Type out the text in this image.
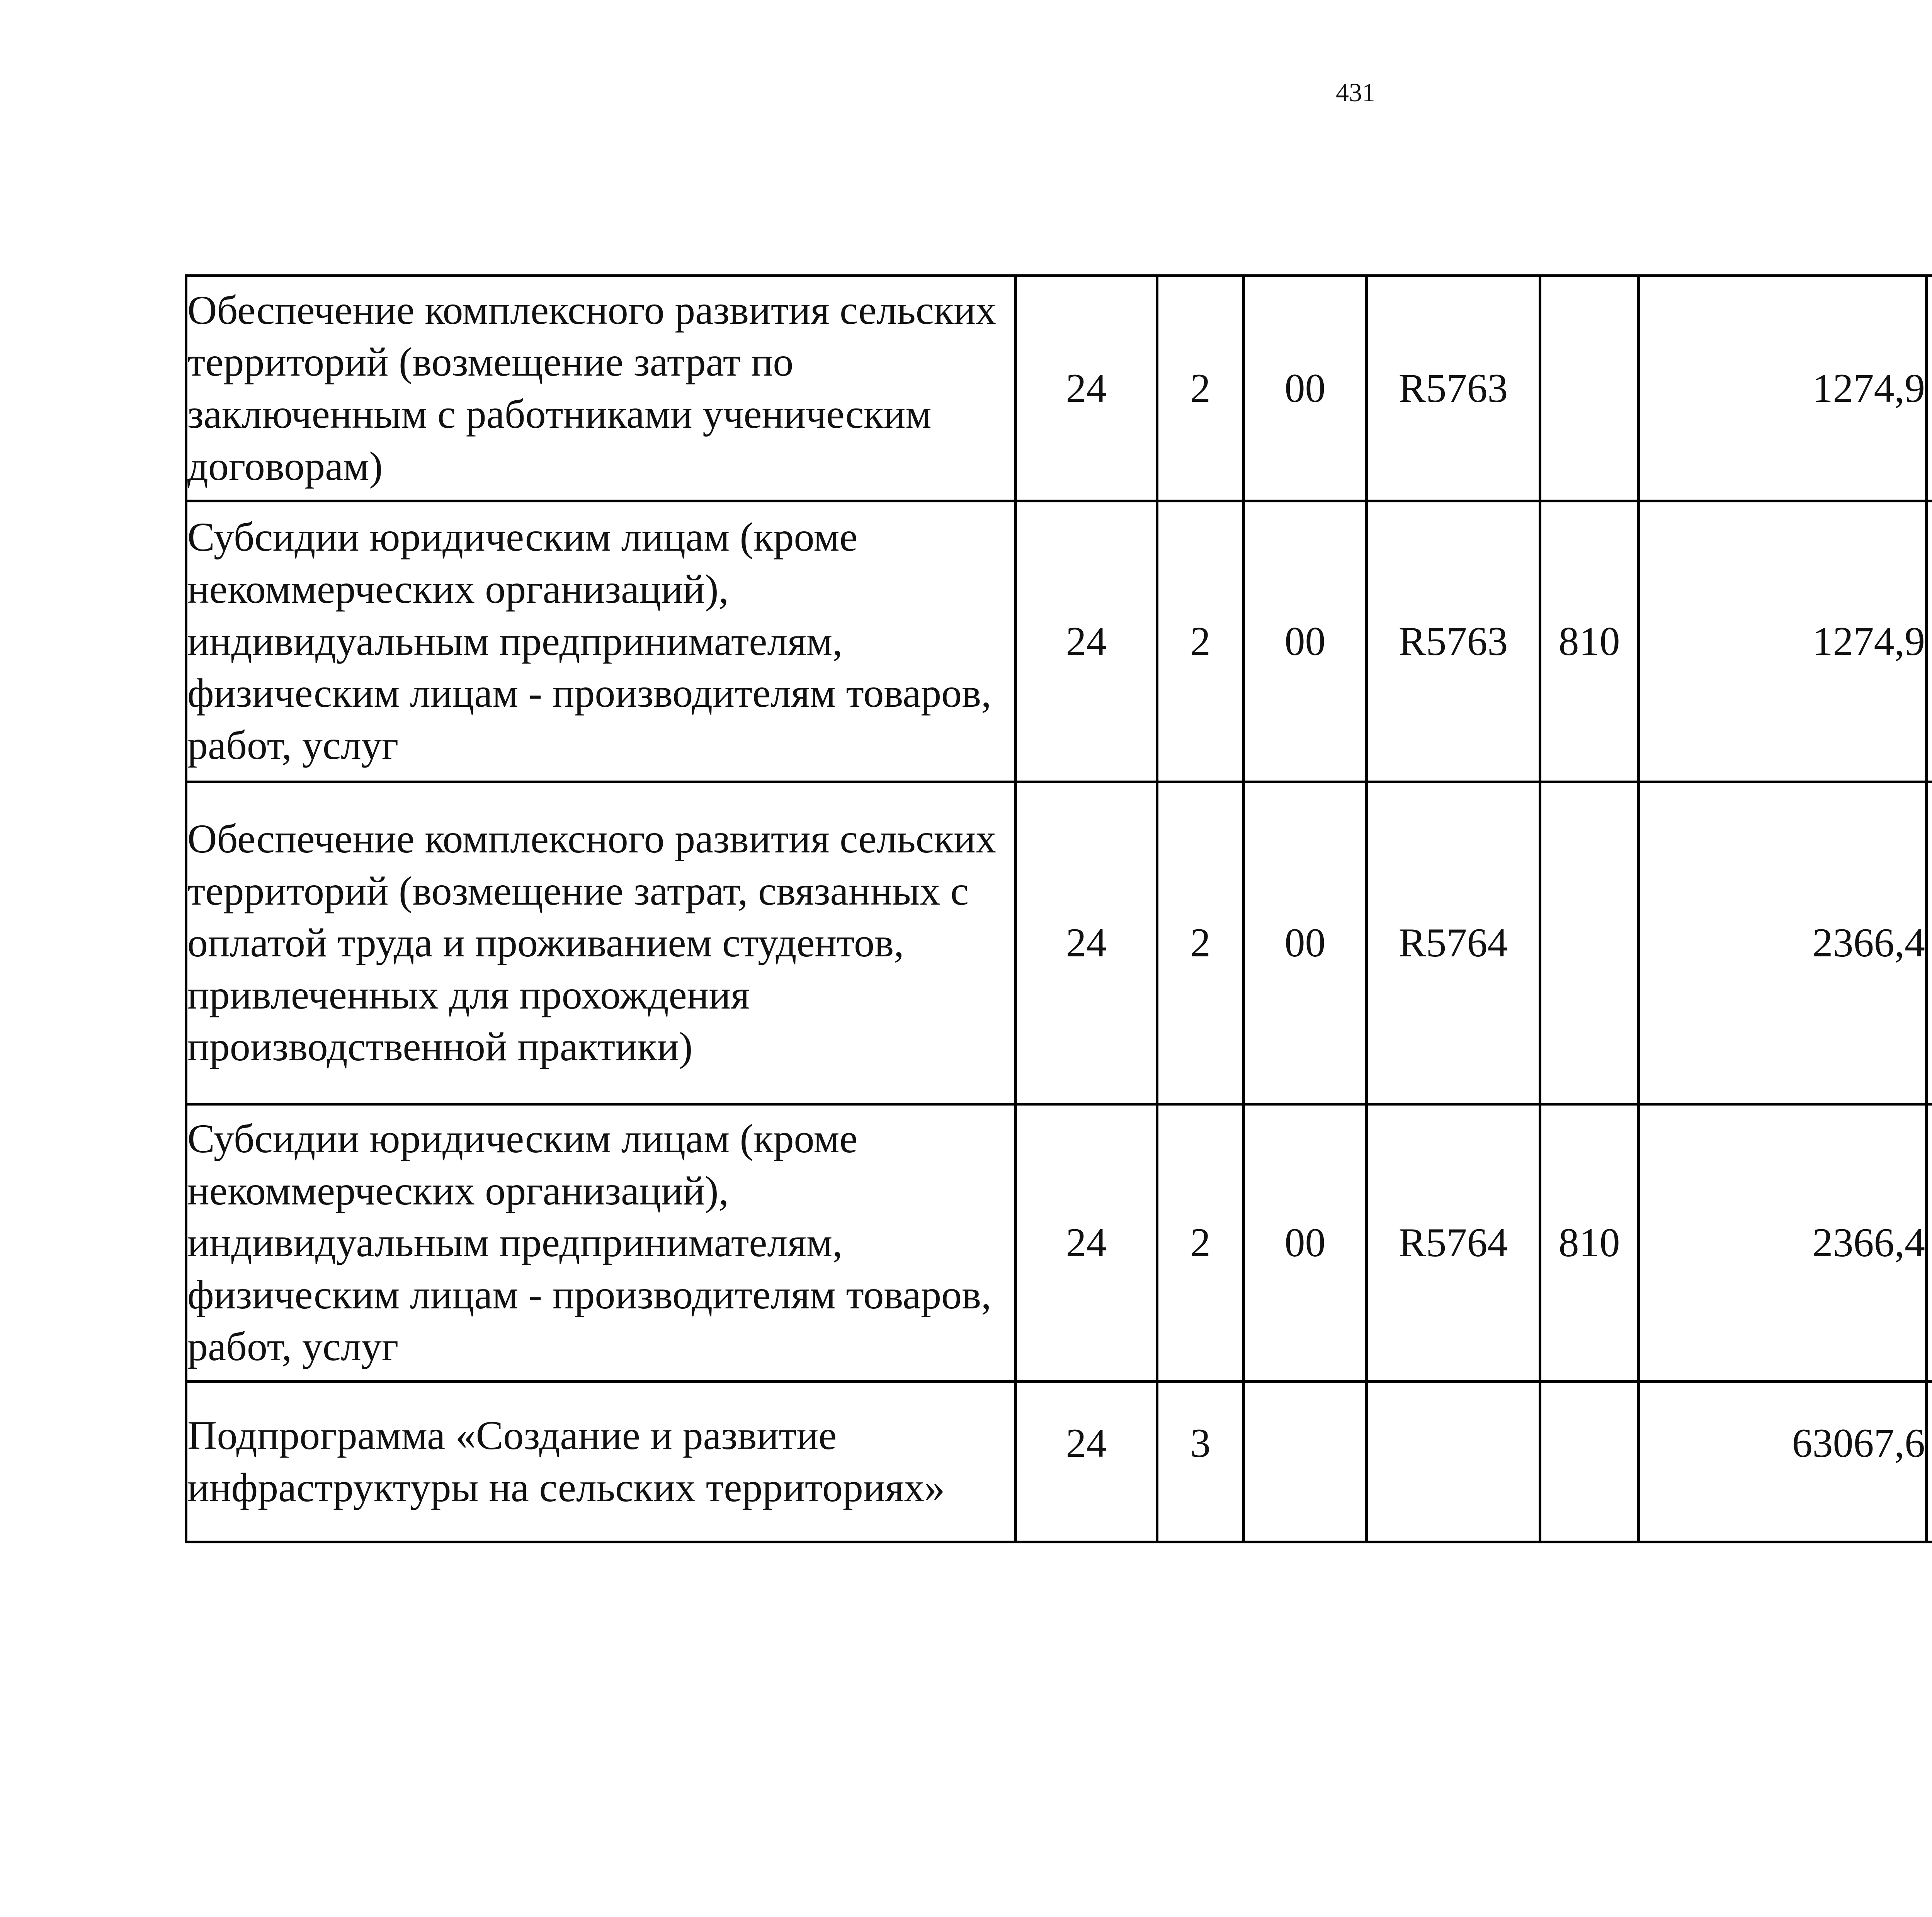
431
Обеспечение комплексного развития сельских территорий (возмещение затрат по заключенным с работниками ученическим договорам)	24	2	00	R5763		1274,9		
Субсидии юридическим лицам (кроме некоммерческих организаций), индивидуальным предпринимателям, физическим лицам - производителям товаров, работ, услуг	24	2	00	R5763	810	1274,9		
Обеспечение комплексного развития сельских территорий (возмещение затрат, связанных с оплатой труда и проживанием студентов, привлеченных для прохождения производственной практики)	24	2	00	R5764		2366,4		
Субсидии юридическим лицам (кроме некоммерческих организаций), индивидуальным предпринимателям, физическим лицам - производителям товаров, работ, услуг	24	2	00	R5764	810	2366,4		
Подпрограмма «Создание и развитие инфраструктуры на сельских территориях»	24	3				63067,6		
